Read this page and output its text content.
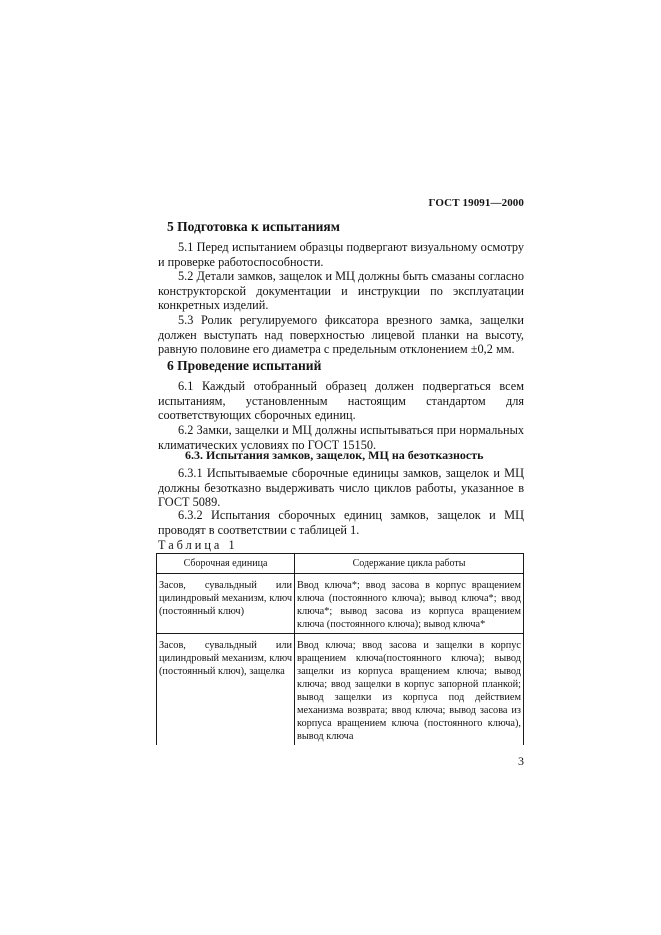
ГОСТ 19091—2000
5 Подготовка к испытаниям

5.1 Перед испытанием образцы подвергают визуальному осмотру и проверке работоспособности.

5.2 Детали замков, защелок и МЦ должны быть смазаны согласно конструкторской документации и инструкции по эксплуатации конкретных изделий.

5.3 Ролик регулируемого фиксатора врезного замка, защелки должен выступать над поверхностью лицевой планки на высоту, равную половине его диаметра с предельным отклонением ±0,2 мм.

6 Проведение испытаний

6.1 Каждый отобранный образец должен подвергаться всем испытаниям, установленным настоящим стандартом для соответствующих сборочных единиц.

6.2 Замки, защелки и МЦ должны испытываться при нормальных климатических условиях по ГОСТ 15150.

6.3. Испытания замков, защелок, МЦ на безотказность

6.3.1 Испытываемые сборочные единицы замков, защелок и МЦ должны безотказно выдерживать число циклов работы, указанное в ГОСТ 5089.

6.3.2 Испытания сборочных единиц замков, защелок и МЦ проводят в соответствии с таблицей 1.

Таблица 1
Сборочная единица	Содержание цикла работы
Засов, сувальдный или цилиндровый механизм, ключ (постоянный ключ)	Ввод ключа*; ввод засова в корпус вращением ключа (постоянного ключа); вывод ключа*; ввод ключа*; вывод засова из корпуса вращением ключа (постоянного ключа); вывод ключа*
Засов, сувальдный или цилиндровый механизм, ключ (постоянный ключ), защелка	Ввод ключа; ввод засова и защелки в корпус вращением ключа(постоянного ключа); вывод защелки из корпуса вращением ключа; вывод ключа; ввод защелки в корпус запорной планкой; вывод защелки из корпуса под действием механизма возврата; ввод ключа; вывод засова из корпуса вращением ключа (постоянного ключа), вывод ключа
3
